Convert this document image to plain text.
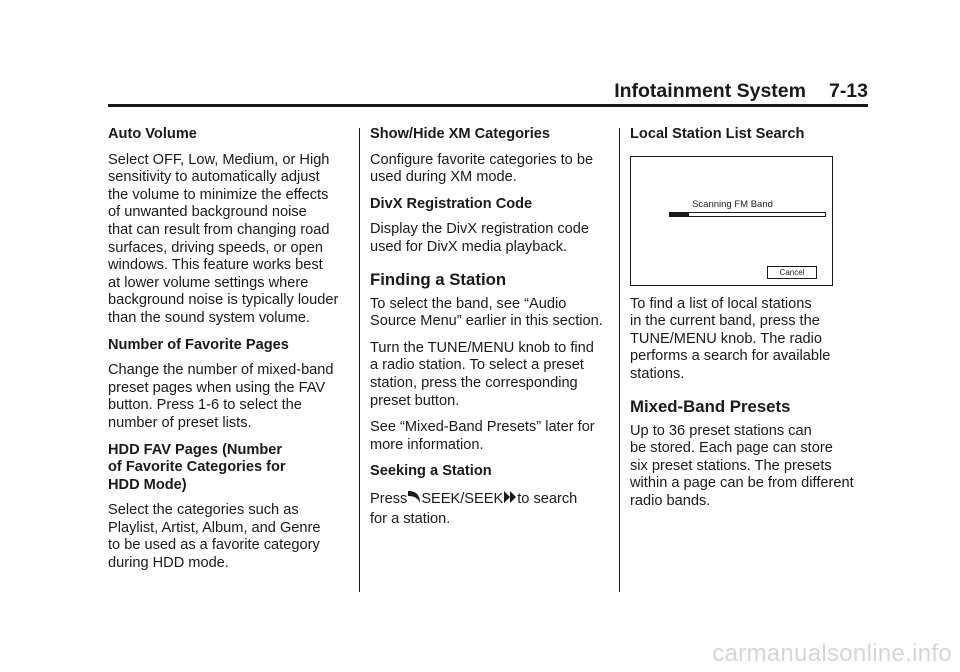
Infotainment System 7-13
Auto Volume
Select OFF, Low, Medium, or High
sensitivity to automatically adjust
the volume to minimize the effects
of unwanted background noise
that can result from changing road
surfaces, driving speeds, or open
windows. This feature works best
at lower volume settings where
background noise is typically louder
than the sound system volume.
Number of Favorite Pages
Change the number of mixed-band
preset pages when using the FAV
button. Press 1-6 to select the
number of preset lists.
HDD FAV Pages (Number
of Favorite Categories for
HDD Mode)
Select the categories such as
Playlist, Artist, Album, and Genre
to be used as a favorite category
during HDD mode.
Show/Hide XM Categories
Configure favorite categories to be
used during XM mode.
DivX Registration Code
Display the DivX registration code
used for DivX media playback.
Finding a Station
To select the band, see “Audio
Source Menu” earlier in this section.
Turn the TUNE/MENU knob to find
a radio station. To select a preset
station, press the corresponding
preset button.
See “Mixed-Band Presets” later for
more information.
Seeking a Station
Press SEEK/SEEK to search
for a station.
Local Station List Search
Scanning FM Band
Cancel
To find a list of local stations
in the current band, press the
TUNE/MENU knob. The radio
performs a search for available
stations.
Mixed-Band Presets
Up to 36 preset stations can
be stored. Each page can store
six preset stations. The presets
within a page can be from different
radio bands.
carmanualsonline.info
